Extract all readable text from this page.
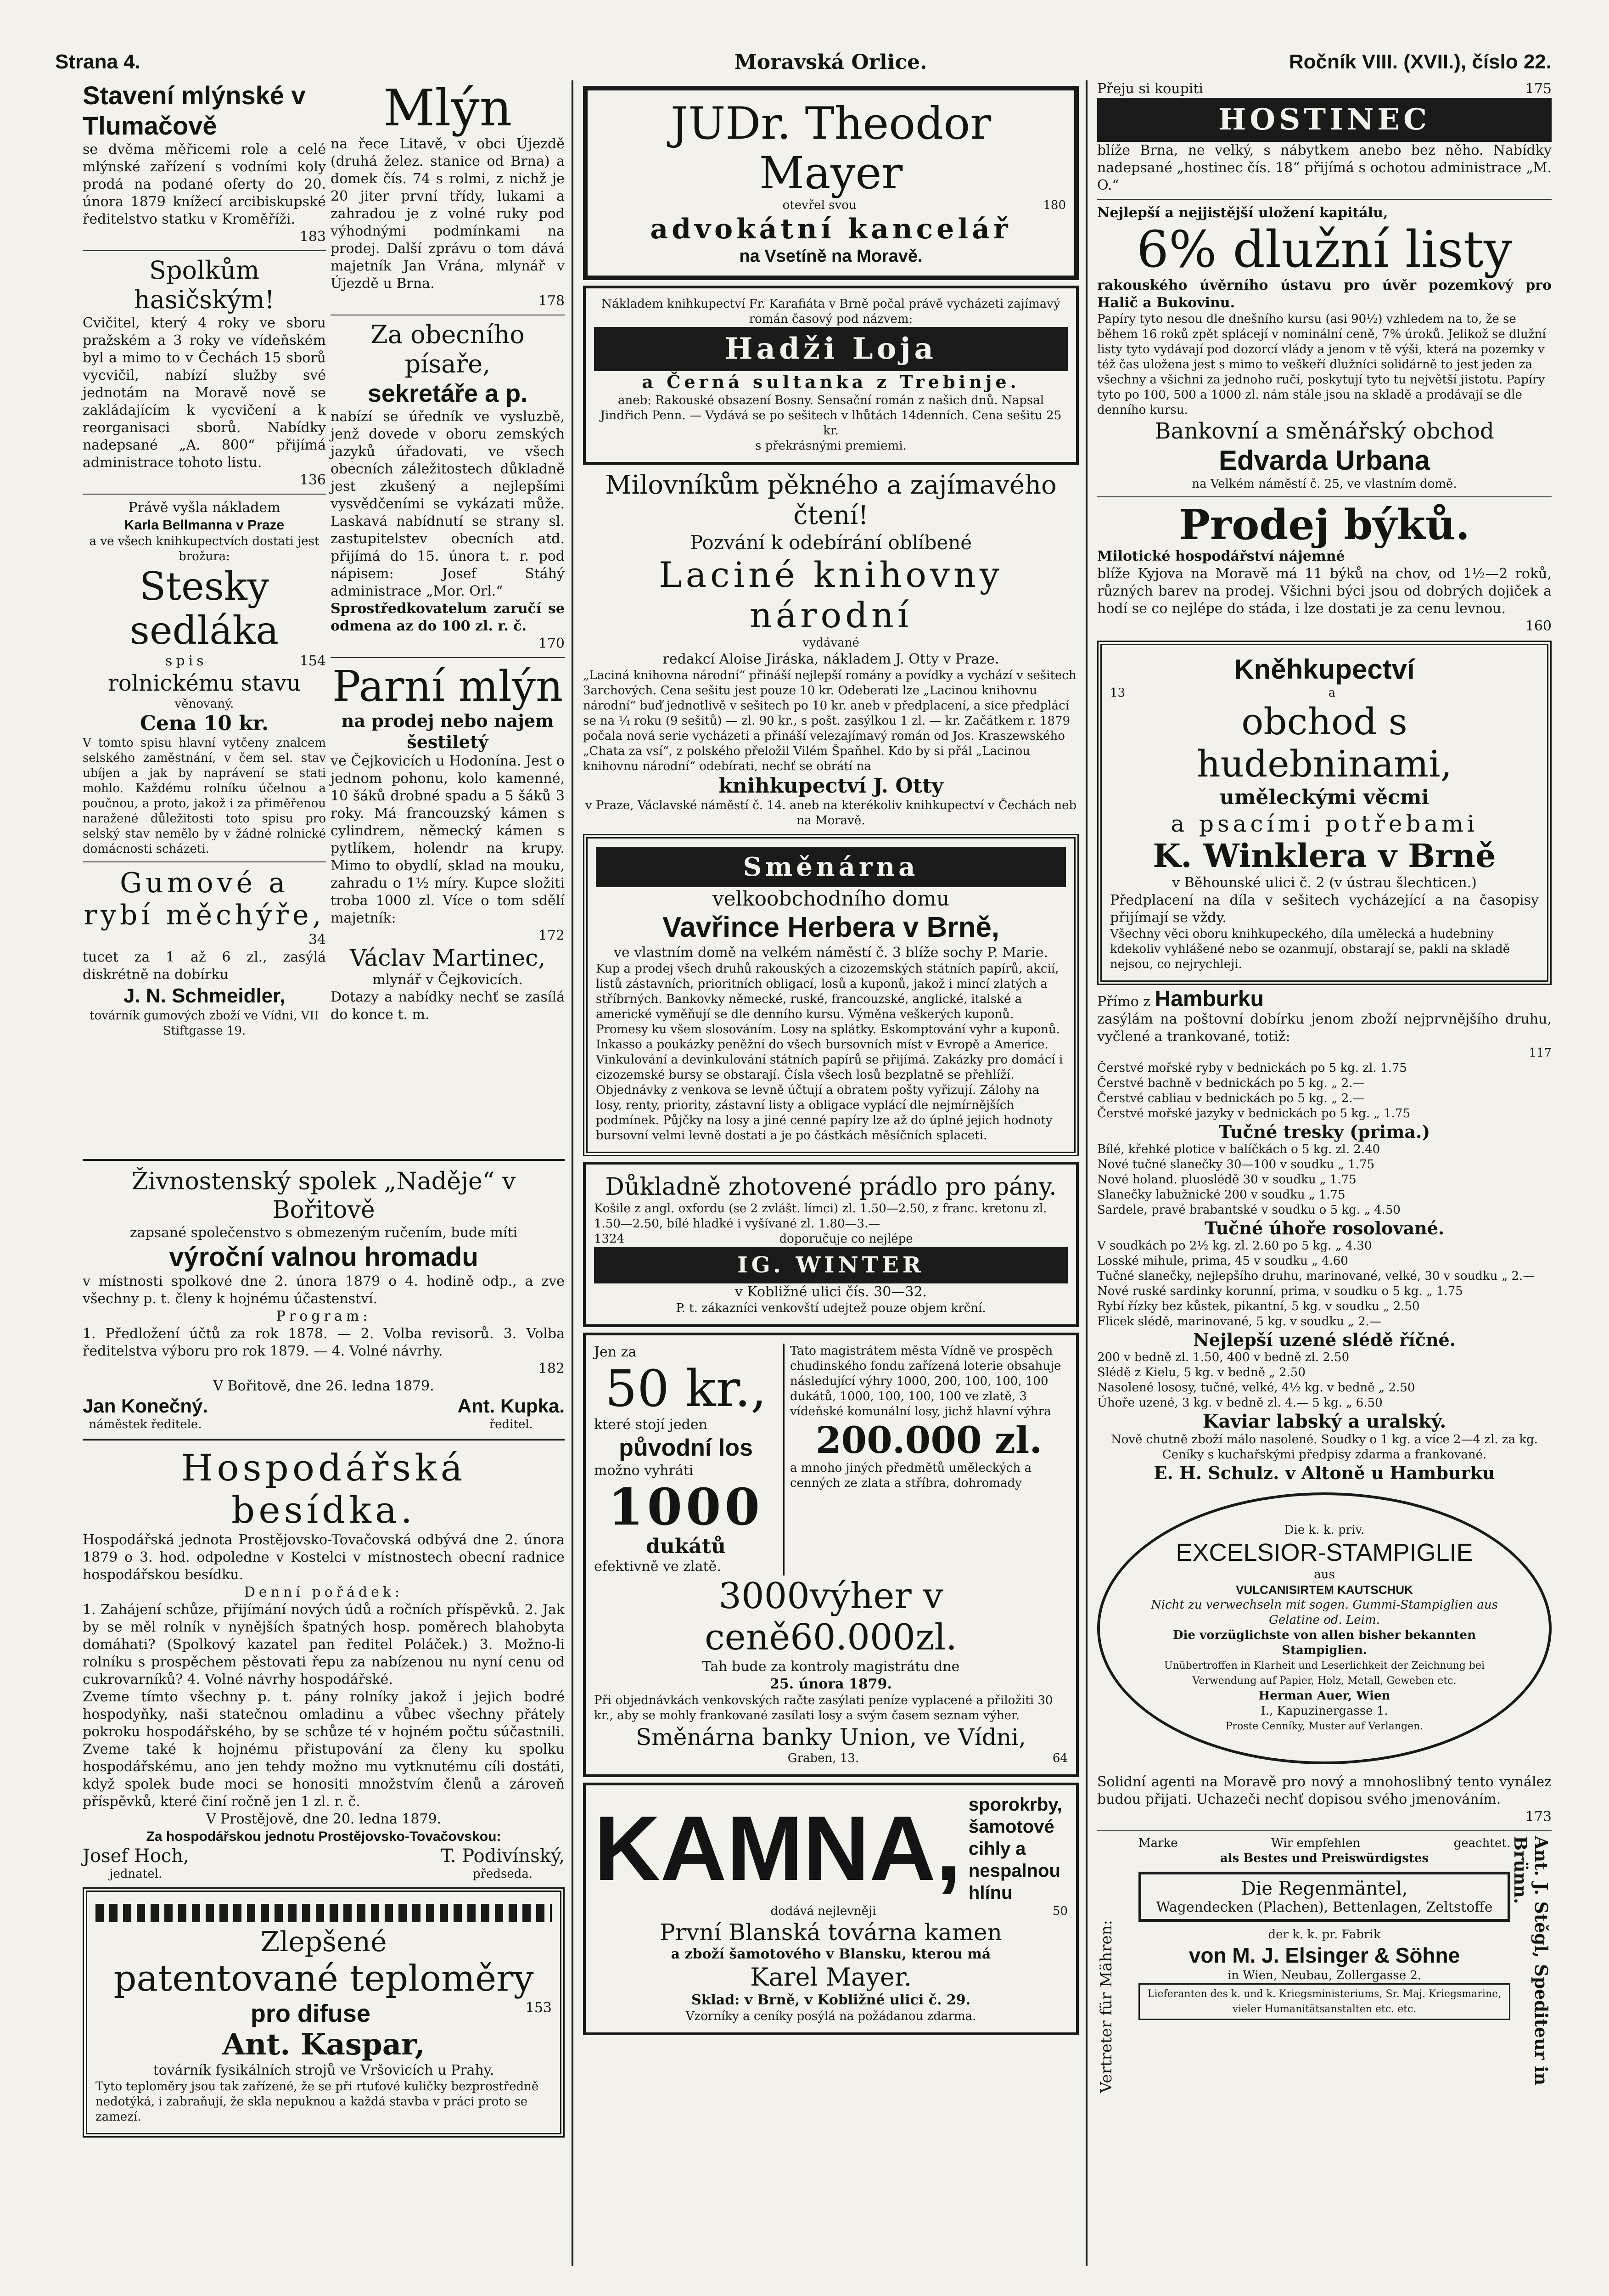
Strana 4.	Moravská Orlice.	Ročník VIII. (XVII.), číslo 22.
Stavení mlýnské v Tlumačově
se dvěma měřicemi role a celé mlýnské zařízení s vodními koly prodá na podané oferty do 20. února 1879 knížecí arcibiskupské ředitelstvo statku v Kroměříži.
183
Spolkům hasičským!
Cvičitel, který 4 roky ve sboru pražském a 3 roky ve vídeňském byl a mimo to v Čechách 15 sborů vycvičil, nabízí služby své jednotám na Moravě nově se zakládajícím k vycvičení a k reorganisaci sborů. Nabídky nadepsané „A. 800“ přijímá administrace tohoto listu.
136
Právě vyšla nákladem
Karla Bellmanna v Praze
a ve všech knihkupectvích dostati jest brožura:
Stesky sedláka
spis	154
rolnickému stavu
věnovaný.
Cena 10 kr.
V tomto spisu hlavní vytčeny znalcem selského zaměstnání, v čem sel. stav ubíjen a jak by naprávení se stati mohlo. Každému rolníku účelnou a poučnou, a proto, jakož i za přiměřenou naražené důležitosti toto spisu pro selský stav nemělo by v žádné rolnické domácnosti scházeti.
Gumové a rybí měchýře,
34
tucet za 1 až 6 zl., zasýlá diskrétně na dobírku
J. N. Schmeidler,
továrník gumových zboží ve Vídni, VII Stiftgasse 19.
Mlýn
na řece Litavě, v obci Újezdě (druhá želez. stanice od Brna) a domek čís. 74 s rolmi, z nichž je 20 jiter první třídy, lukami a zahradou je z volné ruky pod výhodnými podmínkami na prodej. Další zprávu o tom dává majetník Jan Vrána, mlynář v Újezdě u Brna.
178
Za obecního písaře,
sekretáře a p.
nabízí se úředník ve vysluzbě, jenž dovede v oboru zemských jazyků úřadovati, ve všech obecních záležitostech důkladně jest zkušený a nejlepšími vysvědčeními se vykázati může. Laskavá nabídnutí se strany sl. zastupitelstev obecních atd. přijímá do 15. února t. r. pod nápisem: Josef Stáhý administrace „Mor. Orl.“
Sprostředkovatelum zaručí se odmena az do 100 zl. r. č.
170
Parní mlýn
na prodej nebo najem šestiletý
ve Čejkovicích u Hodonína. Jest o jednom pohonu, kolo kamenné, 10 šáků drobné spadu a 5 šáků 3 roky. Má francouzský kámen s cylindrem, německý kámen s pytlíkem, holendr na krupy. Mimo to obydlí, sklad na mouku, zahradu o 1½ míry. Kupce složiti troba 1000 zl. Více o tom sdělí majetník:
172
Václav Martinec,
mlynář v Čejkovicích.
Dotazy a nabídky nechť se zasílá do konce t. m.
Živnostenský spolek „Naděje“ v Bořitově
zapsané společenstvo s obmezeným ručením, bude míti
výroční valnou hromadu
v místnosti spolkové dne 2. února 1879 o 4. hodině odp., a zve všechny p. t. členy k hojnému účastenství.
Program:
1. Předložení účtů za rok 1878. — 2. Volba revisorů. 3. Volba ředitelstva výboru pro rok 1879. — 4. Volné návrhy.
182
V Bořitově, dne 26. ledna 1879.
Jan Konečný.
náměstek ředitele.
Ant. Kupka.
ředitel.
Hospodářská besídka.
Hospodářská jednota Prostějovsko-Tovačovská odbývá dne 2. února 1879 o 3. hod. odpoledne v Kostelci v místnostech obecní radnice hospodářskou besídku.
Denní pořádek:
1. Zahájení schůze, přijímání nových údů a ročních příspěvků. 2. Jak by se měl rolník v nynějších špatných hosp. poměrech blahobyta domáhati? (Spolkový kazatel pan ředitel Poláček.) 3. Možno-li rolníku s prospěchem pěstovati řepu za nabízenou nu nyní cenu od cukrovarníků? 4. Volné návrhy hospodářské.
Zveme tímto všechny p. t. pány rolníky jakož i jejich bodré hospodyňky, naši statečnou omladinu a vůbec všechny přátely pokroku hospodářského, by se schůze té v hojném počtu súčastnili. Zveme také k hojnému přistupování za členy ku spolku hospodářskému, ano jen tehdy možno mu vytknutému cíli dostáti, když spolek bude moci se honositi množstvím členů a zároveň příspěvků, které činí ročně jen 1 zl. r. č.
V Prostějově, dne 20. ledna 1879.
Za hospodářskou jednotu Prostějovsko-Tovačovskou:
Josef Hoch,
jednatel.
T. Podivínský,
předseda.
Zlepšené
patentované teploměry
pro difuse	153
Ant. Kaspar,
továrník fysikálních strojů ve Vršovicích u Prahy.
Tyto teploměry jsou tak zařízené, že se při rtuťové kuličky bezprostředně nedotýká, i zabraňují, že skla nepuknou a každá stavba v práci proto se zamezí.
JUDr. Theodor Mayer
otevřel svou	180
advokátní kancelář
na Vsetíně na Moravě.
Nákladem knihkupectví Fr. Karafiáta v Brně počal právě vycházeti zajímavý román časový pod názvem:
Hadži Loja
a Černá sultanka z Trebinje.
aneb: Rakouské obsazení Bosny. Sensační román z našich dnů. Napsal Jindřich Penn. — Vydává se po sešitech v lhůtách 14denních. Cena sešitu 25 kr.
s překrásnými premiemi.
Milovníkům pěkného a zajímavého čtení!
Pozvání k odebírání oblíbené
Laciné knihovny národní
vydávané
redakcí Aloise Jiráska, nákladem J. Otty v Praze.
„Laciná knihovna národní“ přináší nejlepší romány a povídky a vychází v sešitech 3archových. Cena sešitu jest pouze 10 kr. Odeberati lze „Lacinou knihovnu národní“ buď jednotlivě v sešitech po 10 kr. aneb v předplacení, a sice předplácí se na ¼ roku (9 sešitů) — zl. 90 kr., s pošt. zasýlkou 1 zl. — kr. Začátkem r. 1879 počala nová serie vycházeti a přináší velezajímavý román od Jos. Kraszewského „Chata za vsí“, z polského přeložil Vilém Špaňhel. Kdo by si přál „Lacinou knihovnu národní“ odebírati, nechť se obrátí na
knihkupectví J. Otty
v Praze, Václavské náměstí č. 14. aneb na kterékoliv knihkupectví v Čechách neb na Moravě.
Směnárna
velkoobchodního domu
Vavřince Herbera v Brně,
ve vlastním domě na velkém náměstí č. 3 blíže sochy P. Marie.
Kup a prodej všech druhů rakouských a cizozemských státních papírů, akcií, listů zástavních, prioritních obligací, losů a kuponů, jakož i mincí zlatých a stříbrných. Bankovky německé, ruské, francouzské, anglické, italské a americké vyměňují se dle denního kursu. Výměna veškerých kuponů. Promesy ku všem slosováním. Losy na splátky. Eskomptování vyhr a kuponů. Inkasso a poukázky peněžní do všech bursovních míst v Evropě a Americe. Vinkulování a devinkulování státních papírů se přijímá. Zakázky pro domácí i cizozemské bursy se obstarají. Čísla všech losů bezplatně se přehlíží. Objednávky z venkova se levně účtují a obratem pošty vyřizují. Zálohy na losy, renty, priority, zástavní listy a obligace vyplácí dle nejmírnějších podmínek. Půjčky na losy a jiné cenné papíry lze až do úplné jejich hodnoty bursovní velmi levně dostati a je po částkách měsíčních splaceti.
Důkladně zhotovené prádlo pro pány.
Košile z angl. oxfordu (se 2 zvlášt. límci) zl. 1.50—2.50, z franc. kretonu zl. 1.50—2.50, bílé hladké i vyšívané zl. 1.80—3.—
1324	doporučuje co nejlépe
IG. WINTER
v Kobližné ulici čís. 30—32.
P. t. zákazníci venkovští udejtež pouze objem krční.
Jen za
50 kr.,
které stojí jeden
původní los
možno vyhráti
1000
dukátů
efektivně ve zlatě.
Tato magistrátem města Vídně ve prospěch chudinského fondu zařízená loterie obsahuje následující výhry 1000, 200, 100, 100, 100 dukátů, 1000, 100, 100, 100 ve zlatě, 3 vídeňské komunální losy, jichž hlavní výhra
200.000 zl.
a mnoho jiných předmětů uměleckých a cenných ze zlata a stříbra, dohromady
3000výher v ceně60.000zl.
Tah bude za kontroly magistrátu dne
25. února 1879.
Při objednávkách venkovských račte zasýlati peníze vyplacené a přiložiti 30 kr., aby se mohly frankované zasílati losy a svým časem seznam výher.
Směnárna banky Union, ve Vídni,
Graben, 13.	64
KAMNA, sporokrby, šamotové cihly a nespalnou hlínu
dodává nejlevněji	50
První Blanská továrna kamen
a zboží šamotového v Blansku, kterou má
Karel Mayer.
Sklad: v Brně, v Kobližné ulici č. 29.
Vzorníky a ceníky posýlá na požádanou zdarma.
Přeju si koupiti	175
HOSTINEC
blíže Brna, ne velký, s nábytkem anebo bez něho. Nabídky nadepsané „hostinec čís. 18“ přijímá s ochotou administrace „M. O.“
Nejlepší a nejjistější uložení kapitálu,
6% dlužní listy
rakouského úvěrního ústavu pro úvěr pozemkový pro Halič a Bukovinu.
Papíry tyto nesou dle dnešního kursu (asi 90½) vzhledem na to, že se během 16 roků zpět splácejí v nominální ceně, 7% úroků. Jelikož se dlužní listy tyto vydávají pod dozorcí vlády a jenom v tě výši, která na pozemky v též čas uložena jest s mimo to veškeří dlužníci solidárně to jest jeden za všechny a všichni za jednoho ručí, poskytují tyto tu největší jistotu. Papíry tyto po 100, 500 a 1000 zl. nám stále jsou na skladě a prodávají se dle denního kursu.
Bankovní a směnářský obchod
Edvarda Urbana
na Velkém náměstí č. 25, ve vlastním domě.
Prodej býků.
Milotické hospodářství nájemné
blíže Kyjova na Moravě má 11 býků na chov, od 1½—2 roků, různých barev na prodej. Všichni býci jsou od dobrých dojiček a hodí se co nejlépe do stáda, i lze dostati je za cenu levnou.
160
Kněhkupectví
13	a
obchod s hudebninami,
uměleckými věcmi
a psacími potřebami
K. Winklera v Brně
v Běhounské ulici č. 2 (v ústrau šlechticen.)
Předplacení na díla v sešitech vycházející a na časopisy přijímají se vždy.
Všechny věci oboru knihkupeckého, díla umělecká a hudebniny kdekoliv vyhlášené nebo se ozanmují, obstarají se, pakli na skladě nejsou, co nejrychleji.
Přímo z Hamburku
zasýlám na poštovní dobírku jenom zboží nejprvnějšího druhu, vyčlené a trankované, totiž:
117
Čerstvé mořské ryby v bednickách po 5 kg. zl. 1.75
Čerstvé bachně v bednickách po 5 kg. „ 2.—
Čerstvé cabliau v bednickách po 5 kg. „ 2.—
Čerstvé mořské jazyky v bednickách po 5 kg. „ 1.75
Tučné tresky (prima.)
Bílé, křehké plotice v balíčkách o 5 kg. zl. 2.40
Nové tučné slanečky 30—100 v soudku „ 1.75
Nové holand. pluoslédě 30 v soudku „ 1.75
Slanečky labužnické 200 v soudku „ 1.75
Sardele, pravé brabantské v soudku o 5 kg. „ 4.50
Tučné úhoře rosolované.
V soudkách po 2½ kg. zl. 2.60 po 5 kg. „ 4.30
Losské mihule, prima, 45 v soudku „ 4.60
Tučné slanečky, nejlepšího druhu, marinované, velké, 30 v soudku „ 2.—
Nové ruské sardinky korunní, prima, v soudku o 5 kg. „ 1.75
Rybí řízky bez kůstek, pikantní, 5 kg. v soudku „ 2.50
Flicek slédě, marinované, 5 kg. v soudku „ 2.—
Nejlepší uzené slédě říčné.
200 v bedně zl. 1.50, 400 v bedně zl. 2.50
Slédě z Kielu, 5 kg. v bedně „ 2.50
Nasolené lososy, tučné, velké, 4½ kg. v bedně „ 2.50
Úhoře uzené, 3 kg. v bedně zl. 4.— 5 kg. „ 6.50
Kaviar labský a uralský.
Nově chutně zboží málo nasolené. Soudky o 1 kg. a více 2—4 zl. za kg.
Ceníky s kuchařskými předpisy zdarma a frankované.
E. H. Schulz. v Altoně u Hamburku
Die k. k. priv.
EXCELSIOR-STAMPIGLIE
aus
VULCANISIRTEM KAUTSCHUK
Nicht zu verwechseln mit sogen. Gummi-Stampiglien aus Gelatine od. Leim.
Die vorzüglichste von allen bisher bekannten Stampiglien.
Unübertroffen in Klarheit und Leserlichkeit der Zeichnung bei Verwendung auf Papier, Holz, Metall, Geweben etc.
Herman Auer, Wien
I., Kapuzinergasse 1.
Proste Cenníky, Muster auf Verlangen.
Solidní agenti na Moravě pro nový a mnohoslibný tento vynález budou přijati. Uchazeči nechť dopisou svého jmenováním.
173
Marke	Wir empfehlen	geachtet.
als Bestes und Preiswürdigstes
Die Regenmäntel,
Wagendecken (Plachen), Bettenlagen, Zeltstoffe
der k. k. pr. Fabrik
von M. J. Elsinger & Söhne
in Wien, Neubau, Zollergasse 2.
Lieferanten des k. und k. Kriegsministeriums, Sr. Maj. Kriegsmarine, vieler Humanitätsanstalten etc. etc.
Vertreter für Mähren:	Ant. J. Stěgl, Spediteur in Brünn.
